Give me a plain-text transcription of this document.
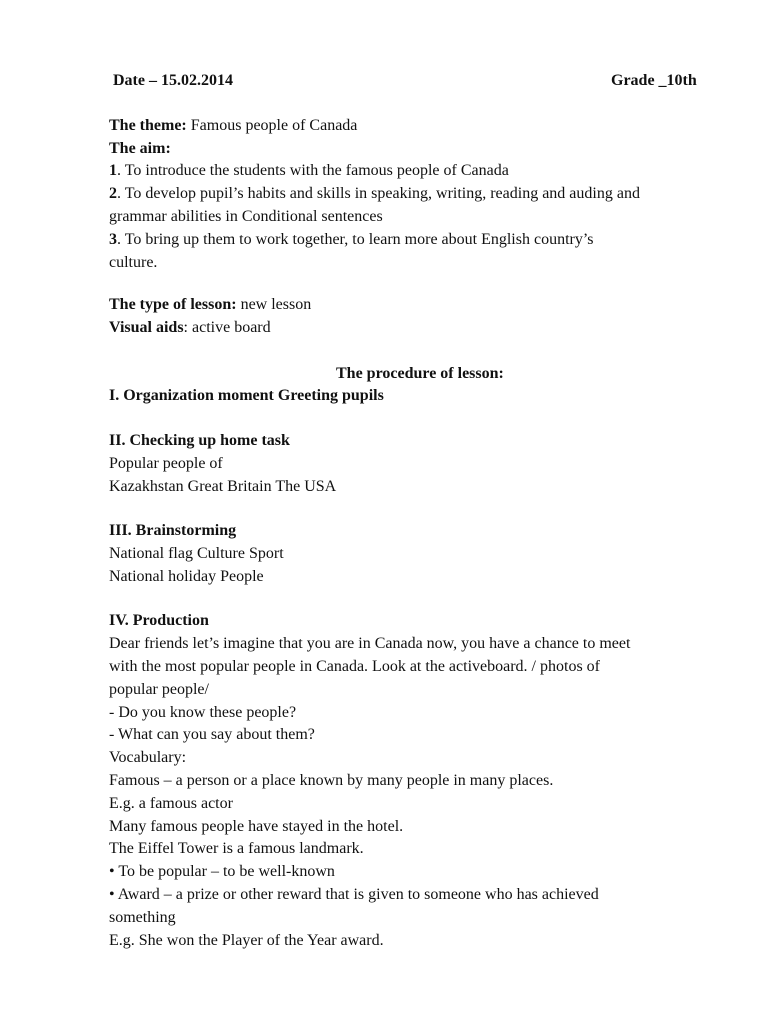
Date – 15.02.2014	Grade _10th
The theme: Famous people of Canada
The aim:
1. To introduce the students with the famous people of Canada
2. To develop pupil’s habits and skills in speaking, writing, reading and auding and
grammar abilities in Conditional sentences
3. To bring up them to work together, to learn more about English country’s
culture.
The type of lesson: new lesson
Visual aids: active board
The procedure of lesson:
I. Organization moment Greeting pupils
II. Checking up home task
Popular people of
Kazakhstan Great Britain The USA
III. Brainstorming
National flag Culture Sport
National holiday People
IV. Production
Dear friends let’s imagine that you are in Canada now, you have a chance to meet
with the most popular people in Canada. Look at the activeboard. / photos of
popular people/
- Do you know these people?
- What can you say about them?
Vocabulary:
Famous – a person or a place known by many people in many places.
E.g. a famous actor
Many famous people have stayed in the hotel.
The Eiffel Tower is a famous landmark.
• To be popular – to be well-known
• Award – a prize or other reward that is given to someone who has achieved
something
E.g. She won the Player of the Year award.
